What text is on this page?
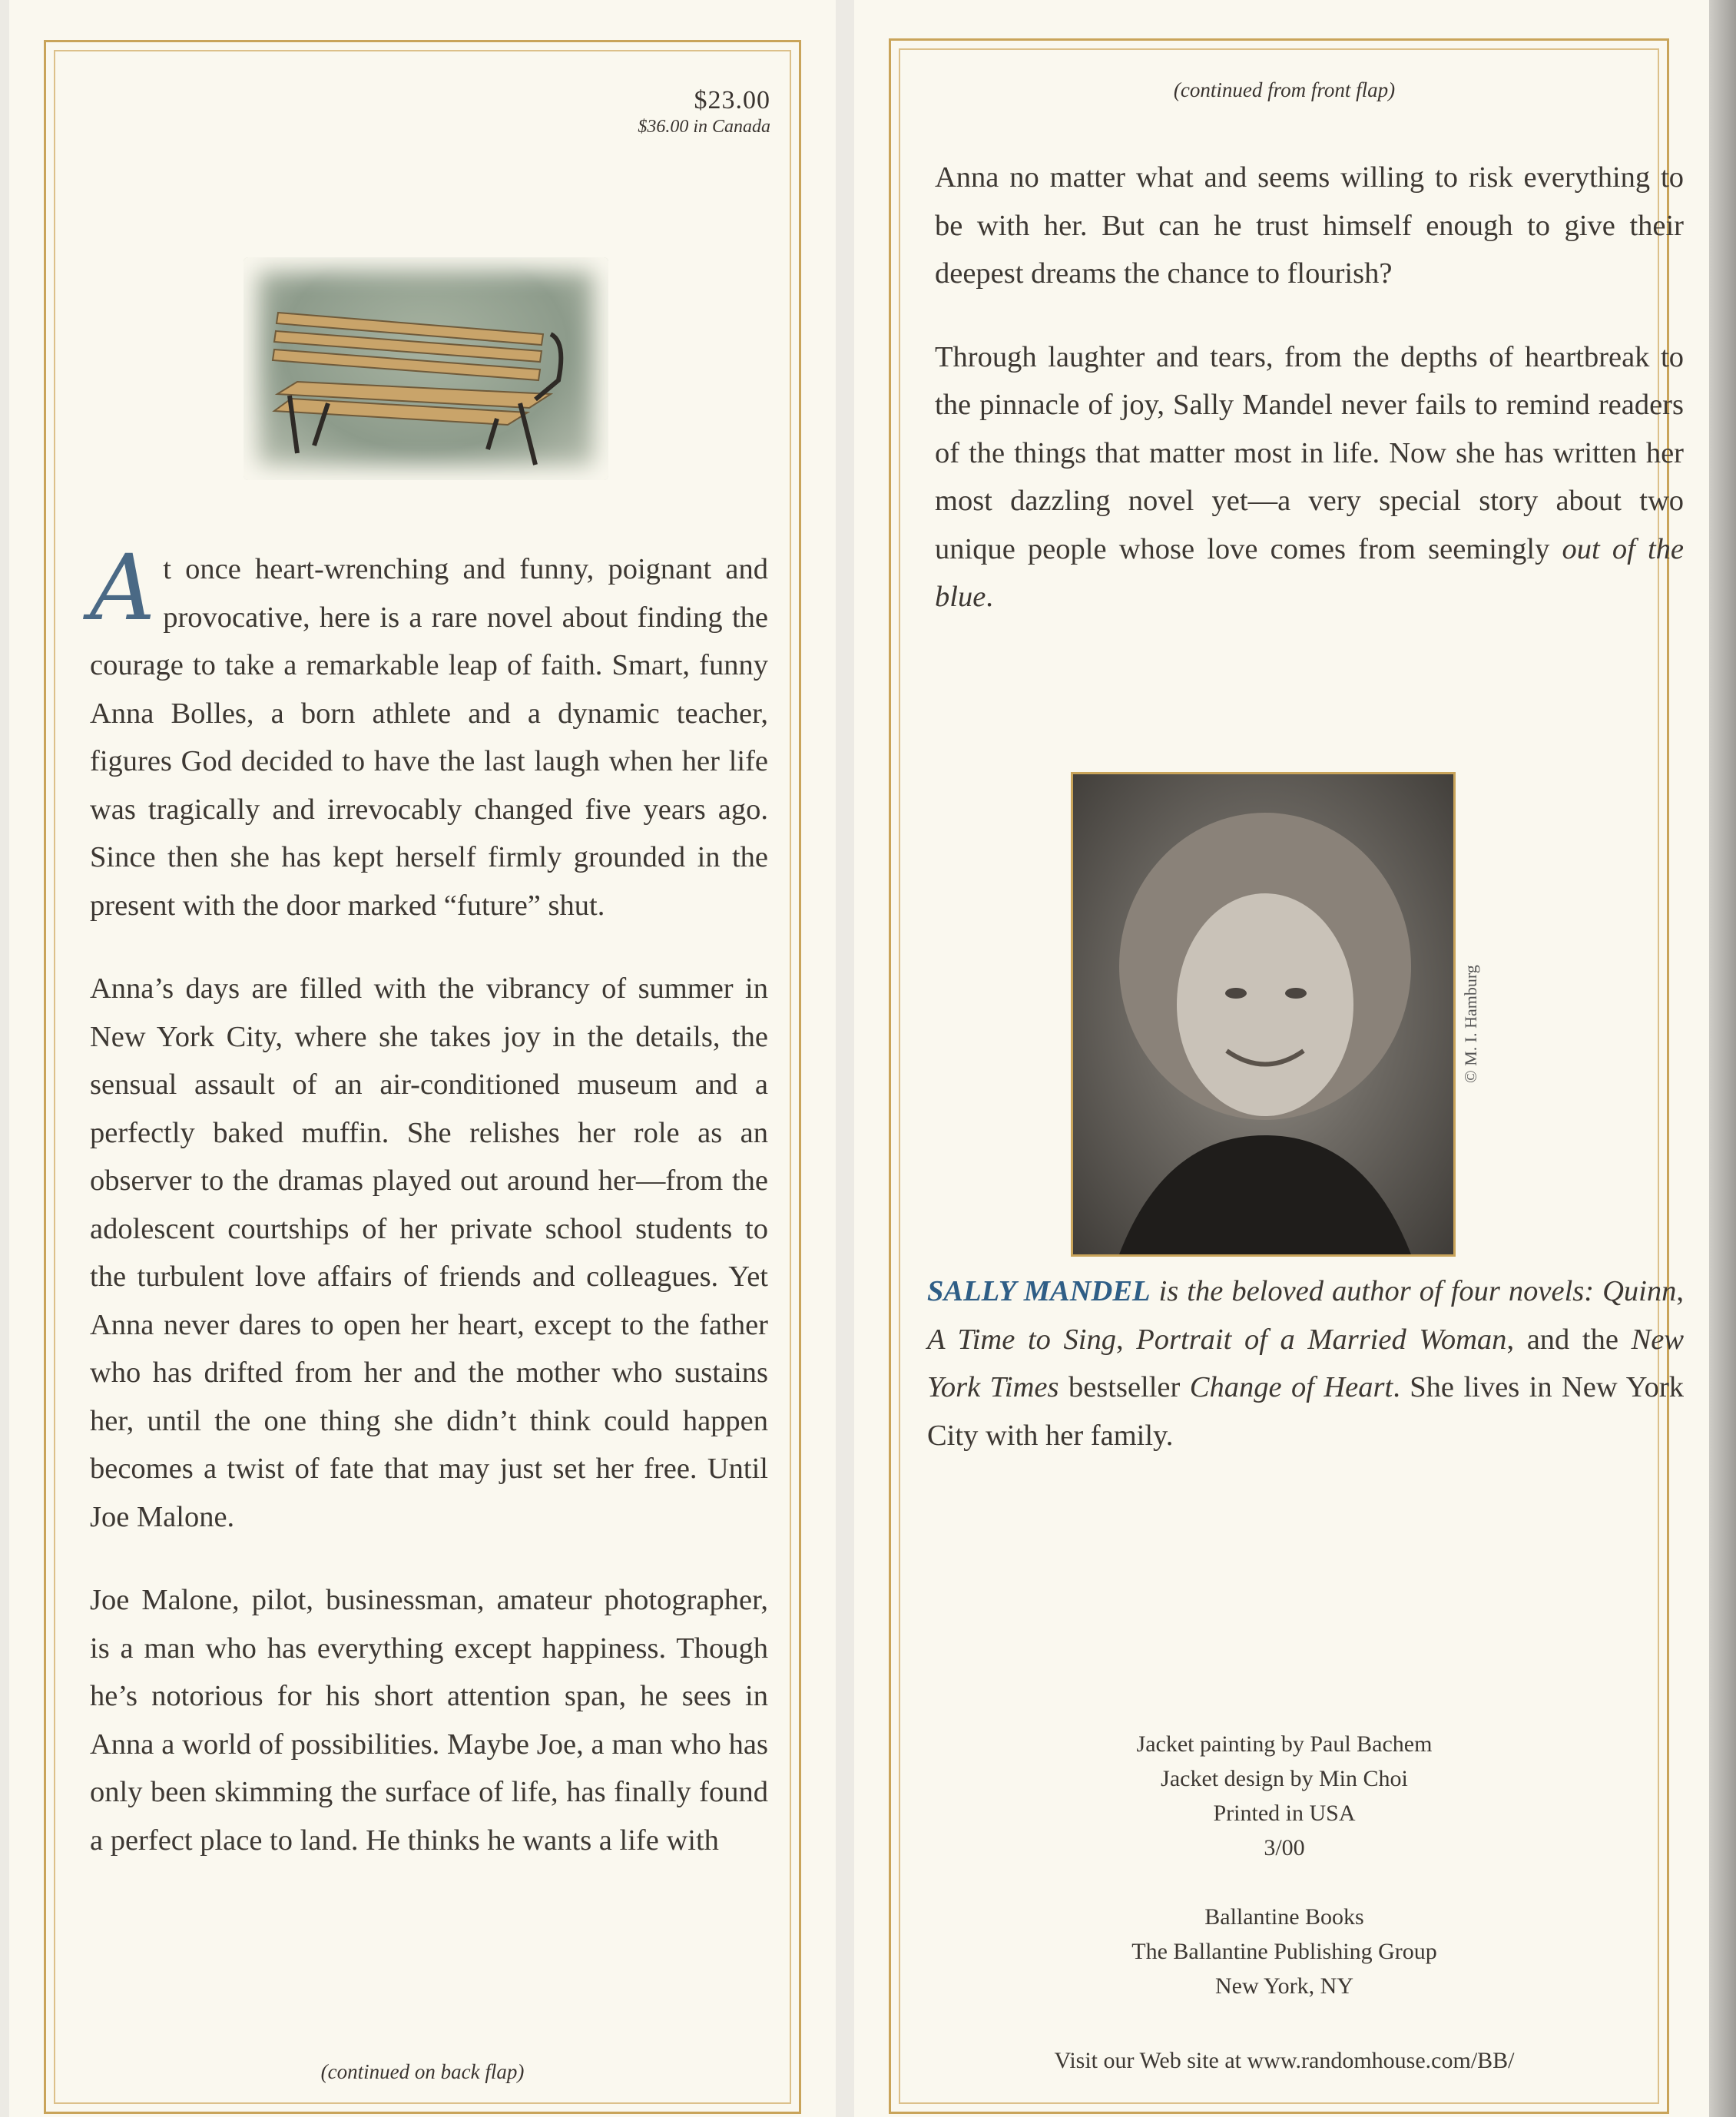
$23.00
$36.00 in Canada

At once heart-wrenching and funny, poignant and provocative, here is a rare novel about finding the courage to take a remarkable leap of faith. Smart, funny Anna Bolles, a born athlete and a dynamic teacher, figures God decided to have the last laugh when her life was tragically and irrevocably changed five years ago. Since then she has kept herself firmly grounded in the present with the door marked “future” shut.

Anna’s days are filled with the vibrancy of summer in New York City, where she takes joy in the details, the sensual assault of an air-conditioned museum and a perfectly baked muffin. She relishes her role as an observer to the dramas played out around her—from the adolescent courtships of her private school students to the turbulent love affairs of friends and colleagues. Yet Anna never dares to open her heart, except to the father who has drifted from her and the mother who sustains her, until the one thing she didn’t think could happen becomes a twist of fate that may just set her free. Until Joe Malone.

Joe Malone, pilot, businessman, amateur photographer, is a man who has everything except happiness. Though he’s notorious for his short attention span, he sees in Anna a world of possibilities. Maybe Joe, a man who has only been skimming the surface of life, has finally found a perfect place to land. He thinks he wants a life with

(continued on back flap)
(continued from front flap)

Anna no matter what and seems willing to risk everything to be with her. But can he trust himself enough to give their deepest dreams the chance to flourish?

Through laughter and tears, from the depths of heartbreak to the pinnacle of joy, Sally Mandel never fails to remind readers of the things that matter most in life. Now she has written her most dazzling novel yet—a very special story about two unique people whose love comes from seemingly out of the blue.

© M. I. Hamburg

SALLY MANDEL is the beloved author of four novels: Quinn, A Time to Sing, Portrait of a Married Woman, and the New York Times bestseller Change of Heart. She lives in New York City with her family.

Jacket painting by Paul Bachem
Jacket design by Min Choi
Printed in USA
3/00
Ballantine Books
The Ballantine Publishing Group
New York, NY
Visit our Web site at www.randomhouse.com/BB/
